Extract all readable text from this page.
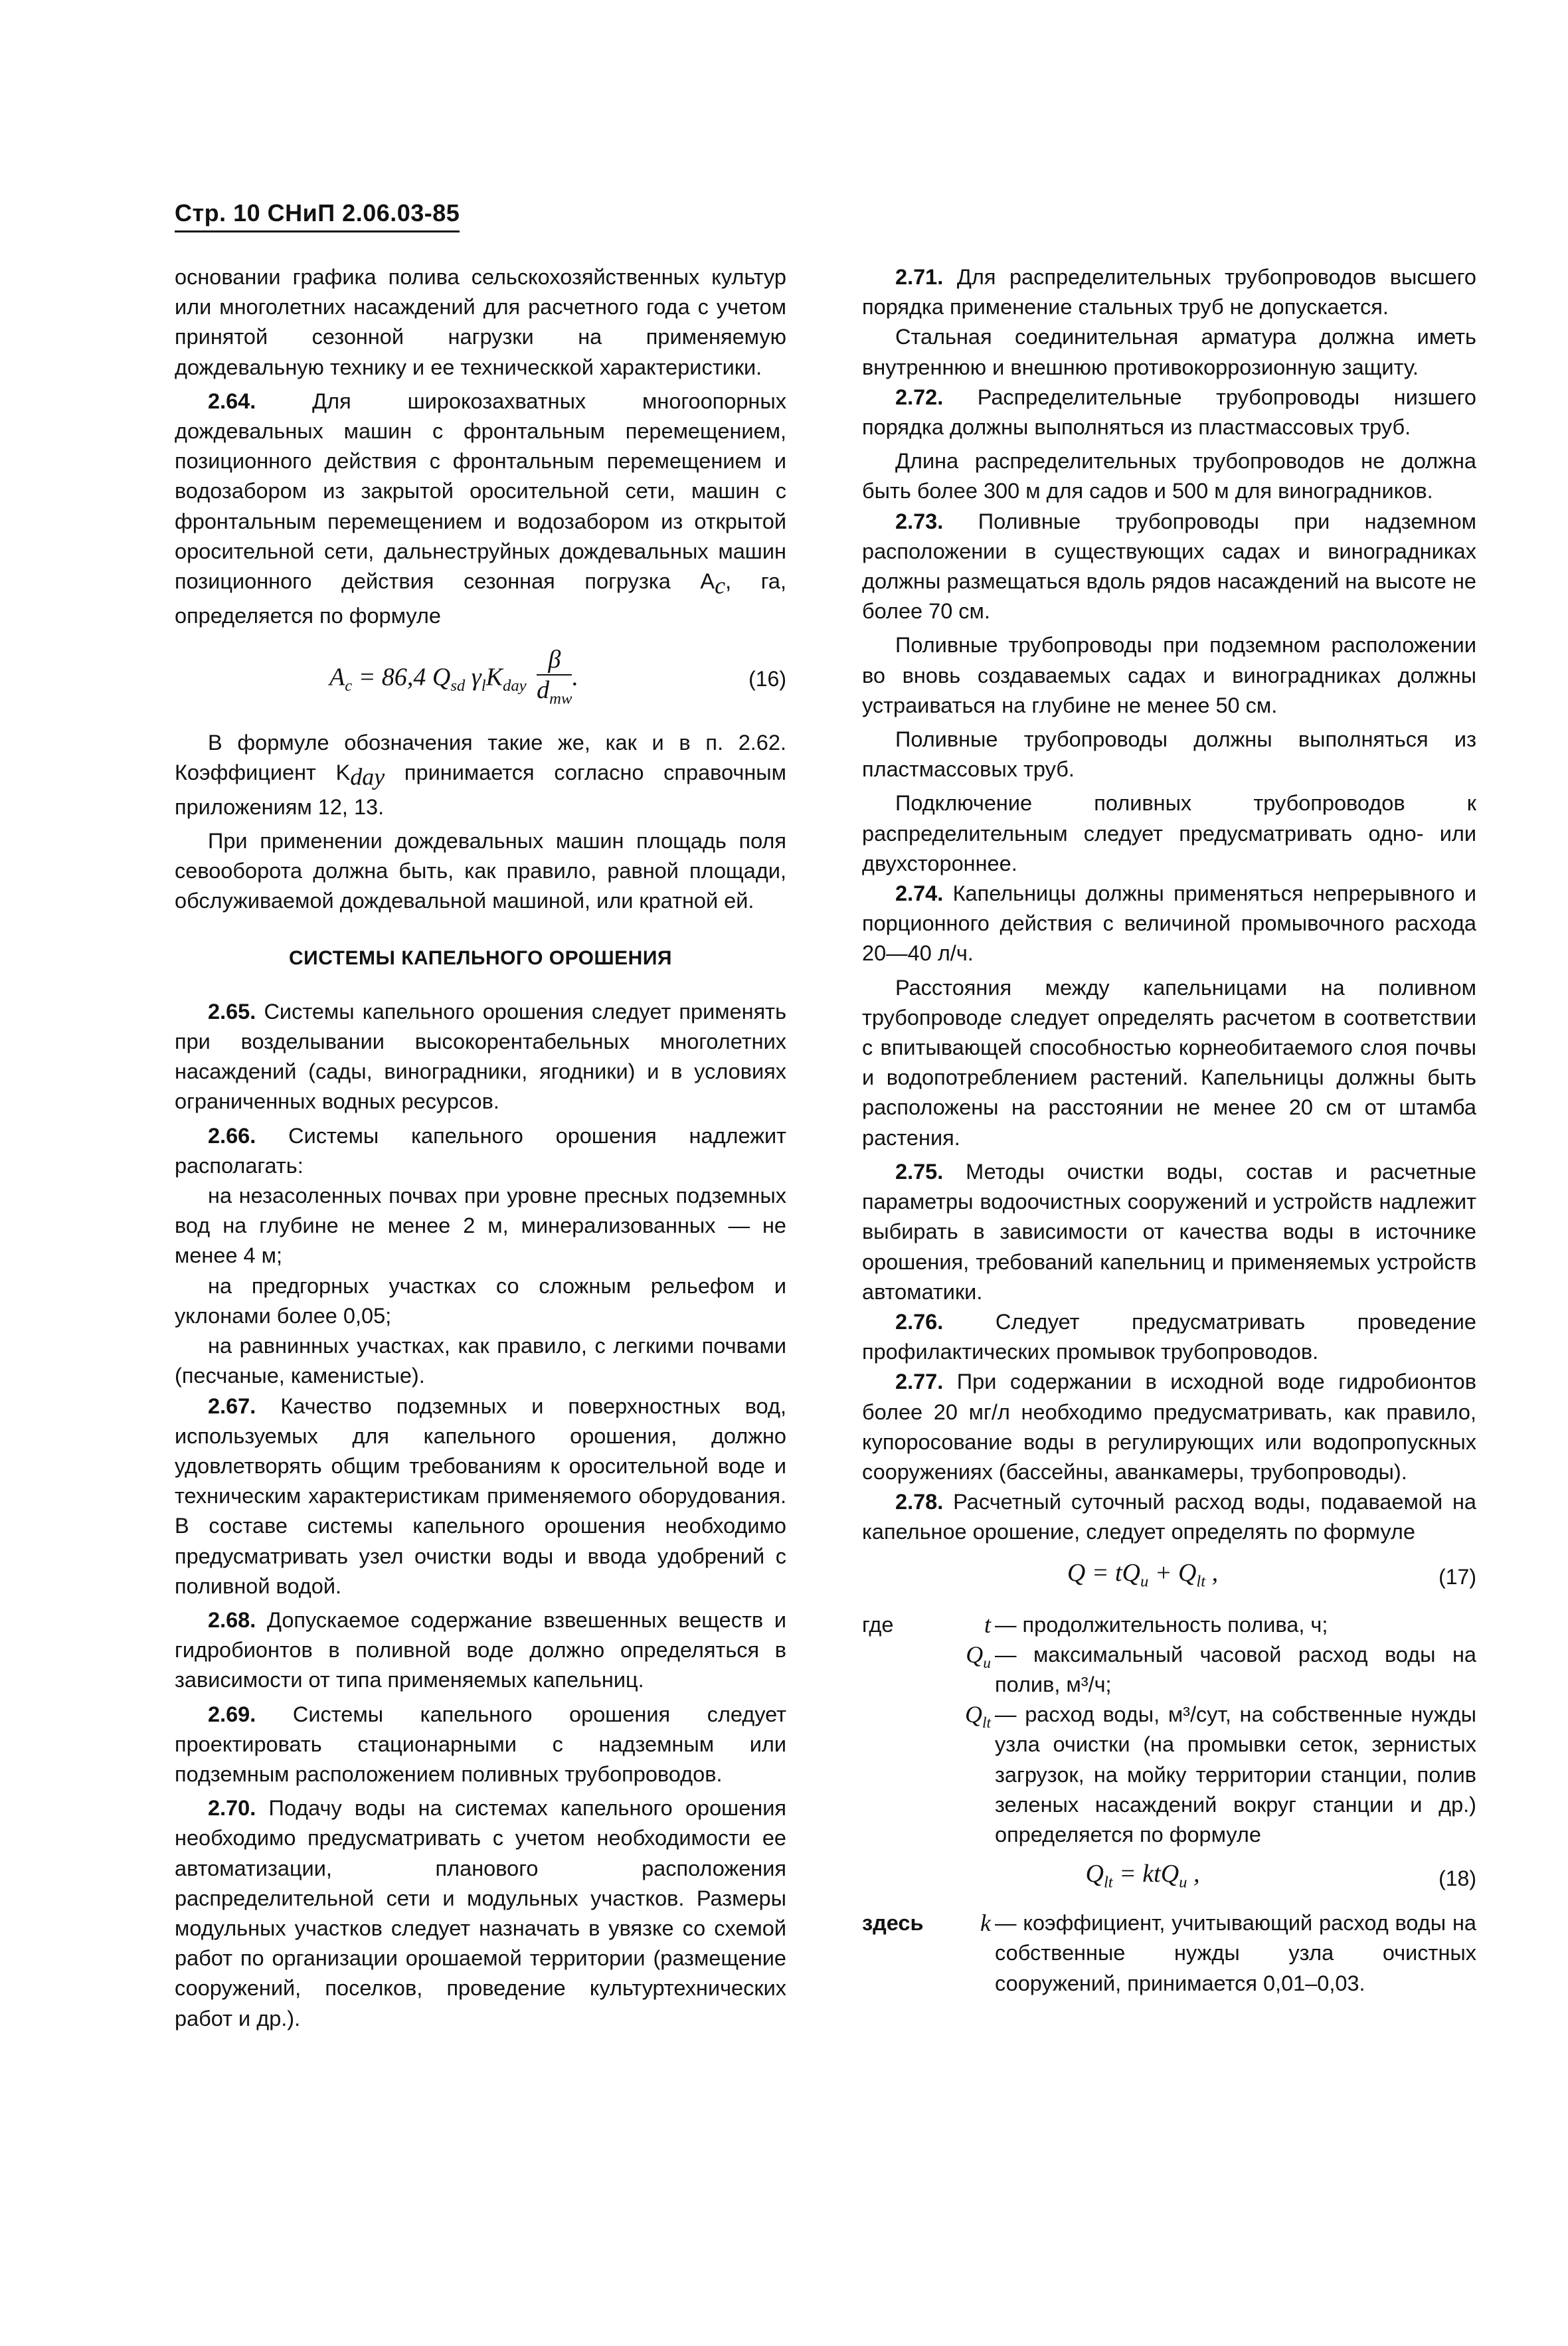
Стр. 10 СНиП 2.06.03-85

основании графика полива сельскохозяйственных культур или многолетних насаждений для расчетного года с учетом принятой сезонной нагрузки на применяемую дождевальную технику и ее техническкой характеристики.

2.64. Для широкозахватных многоопорных дождевальных машин с фронтальным перемещением, позиционного действия с фронтальным перемещением и водозабором из закрытой оросительной сети, машин с фронтальным перемещением и водозабором из открытой оросительной сети, дальнеструйных дождевальных машин позиционного действия сезонная погрузка $A_c$, га, определяется по формуле

$A_c = 86,4$ $Q_{sd}$ $\gamma_lK_{day} \frac{\beta}{d_{mw}}$ .	(16)

В формуле обозначения такие же, как и в п. 2.62. Коэффициент $K_{day}$ принимается согласно справочным приложениям 12, 13.

При применении дождевальных машин площадь поля севооборота должна быть, как правило, равной площади, обслуживаемой дождевальной машиной, или кратной ей.

СИСТЕМЫ КАПЕЛЬНОГО ОРОШЕНИЯ

2.65. Системы капельного орошения следует применять при возделывании высокорентабельных многолетних насаждений (сады, виноградники, ягодники) и в условиях ограниченных водных ресурсов.

2.66. Системы капельного орошения надлежит располагать:

на незасоленных почвах при уровне пресных подземных вод на глубине не менее 2 м, минерализованных — не менее 4 м;

на предгорных участках со сложным рельефом и уклонами более 0,05;

на равнинных участках, как правило, с легкими почвами (песчаные, каменистые).

2.67. Качество подземных и поверхностных вод, используемых для капельного орошения, должно удовлетворять общим требованиям к оросительной воде и техническим характеристикам применяемого оборудования. В составе системы капельного орошения необходимо предусматривать узел очистки воды и ввода удобрений с поливной водой.

2.68. Допускаемое содержание взвешенных веществ и гидробионтов в поливной воде должно определяться в зависимости от типа применяемых капельниц.

2.69. Системы капельного орошения следует проектировать стационарными с надземным или подземным расположением поливных трубопроводов.

2.70. Подачу воды на системах капельного орошения необходимо предусматривать с учетом необходимости ее автоматизации, планового расположения распределительной сети и модульных участков. Размеры модульных участков следует назначать в увязке со схемой работ по организации орошаемой территории (размещение сооружений, поселков, проведение культуртехнических работ и др.).

2.71. Для распределительных трубопроводов высшего порядка применение стальных труб не допускается.

Стальная соединительная арматура должна иметь внутреннюю и внешнюю противокоррозионную защиту.

2.72. Распределительные трубопроводы низшего порядка должны выполняться из пластмассовых труб.

Длина распределительных трубопроводов не должна быть более 300 м для садов и 500 м для виноградников.

2.73. Поливные трубопроводы при надземном расположении в существующих садах и виноградниках должны размещаться вдоль рядов насаждений на высоте не более 70 см.

Поливные трубопроводы при подземном расположении во вновь создаваемых садах и виноградниках должны устраиваться на глубине не менее 50 см.

Поливные трубопроводы должны выполняться из пластмассовых труб.

Подключение поливных трубопроводов к распределительным следует предусматривать одно- или двухстороннее.

2.74. Капельницы должны применяться непрерывного и порционного действия с величиной промывочного расхода 20—40 л/ч.

Расстояния между капельницами на поливном трубопроводе следует определять расчетом в соответствии с впитывающей способностью корнеобитаемого слоя почвы и водопотреблением растений. Капельницы должны быть расположены на расстоянии не менее 20 см от штамба растения.

2.75. Методы очистки воды, состав и расчетные параметры водоочистных сооружений и устройств надлежит выбирать в зависимости от качества воды в источнике орошения, требований капельниц и применяемых устройств автоматики.

2.76. Следует предусматривать проведение профилактических промывок трубопроводов.

2.77. При содержании в исходной воде гидробионтов более 20 мг/л необходимо предусматривать, как правило, купоросование воды в регулирующих или водопропускных сооружениях (бассейны, аванкамеры, трубопроводы).

2.78. Расчетный суточный расход воды, подаваемой на капельное орошение, следует определять по формуле

$Q = tQ_u + Q_{lt}$ ,	(17)
где	t — продолжительность полива, ч;
$Q_u$ — максимальный часовой расход воды на полив, м³/ч;
$Q_{lt}$ — расход воды, м³/сут, на собственные нужды узла очистки (на промывки сеток, зернистых загрузок, на мойку территории станции, полив зеленых насаждений вокруг станции и др.) определяется по формуле
$Q_{lt} = ktQ_u$ ,	(18)
здесь	k — коэффициент, учитывающий расход воды на собственные нужды узла очистных сооружений, принимается 0,01–0,03.
